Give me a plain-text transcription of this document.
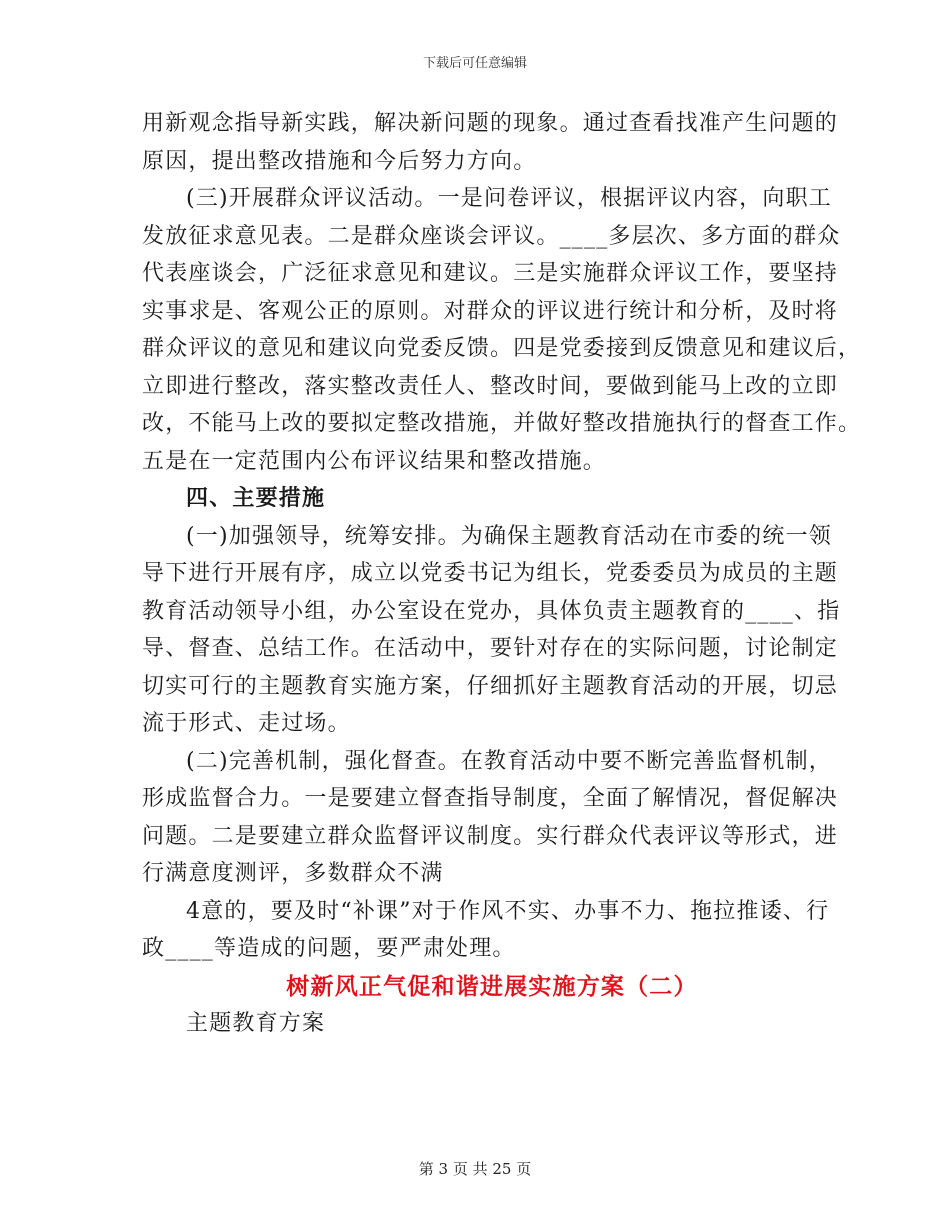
下载后可任意编辑
用新观念指导新实践，解决新问题的现象。通过查看找准产生问题的
原因，提出整改措施和今后努力方向。
(三)开展群众评议活动。一是问卷评议，根据评议内容，向职工
发放征求意见表。二是群众座谈会评议。____多层次、多方面的群众
代表座谈会，广泛征求意见和建议。三是实施群众评议工作，要坚持
实事求是、客观公正的原则。对群众的评议进行统计和分析，及时将
群众评议的意见和建议向党委反馈。四是党委接到反馈意见和建议后，
立即进行整改，落实整改责任人、整改时间，要做到能马上改的立即
改，不能马上改的要拟定整改措施，并做好整改措施执行的督查工作。
五是在一定范围内公布评议结果和整改措施。
四、主要措施
(一)加强领导，统筹安排。为确保主题教育活动在市委的统一领
导下进行开展有序，成立以党委书记为组长，党委委员为成员的主题
教育活动领导小组，办公室设在党办，具体负责主题教育的____、指
导、督查、总结工作。在活动中，要针对存在的实际问题，讨论制定
切实可行的主题教育实施方案，仔细抓好主题教育活动的开展，切忌
流于形式、走过场。
(二)完善机制，强化督查。在教育活动中要不断完善监督机制，
形成监督合力。一是要建立督查指导制度，全面了解情况，督促解决
问题。二是要建立群众监督评议制度。实行群众代表评议等形式，进
行满意度测评，多数群众不满
4意的，要及时“补课”对于作风不实、办事不力、拖拉推诿、行
政____等造成的问题，要严肃处理。
树新风正气促和谐进展实施方案（二）
主题教育方案
第 3 页 共 25 页
